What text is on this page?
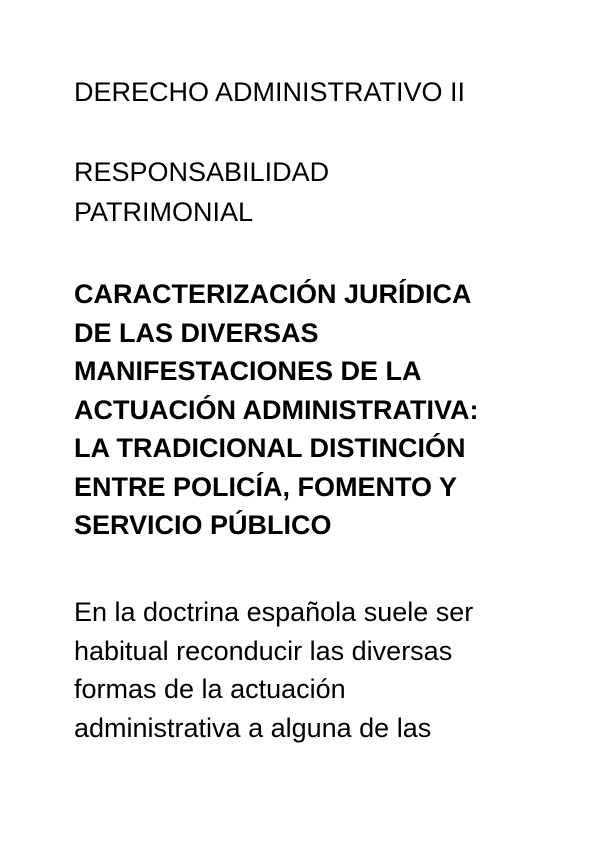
DERECHO ADMINISTRATIVO II
RESPONSABILIDAD
PATRIMONIAL
CARACTERIZACIÓN JURÍDICA
DE LAS DIVERSAS
MANIFESTACIONES DE LA
ACTUACIÓN ADMINISTRATIVA:
LA TRADICIONAL DISTINCIÓN
ENTRE POLICÍA, FOMENTO Y
SERVICIO PÚBLICO

En la doctrina española suele ser
habitual reconducir las diversas
formas de la actuación
administrativa a alguna de las
